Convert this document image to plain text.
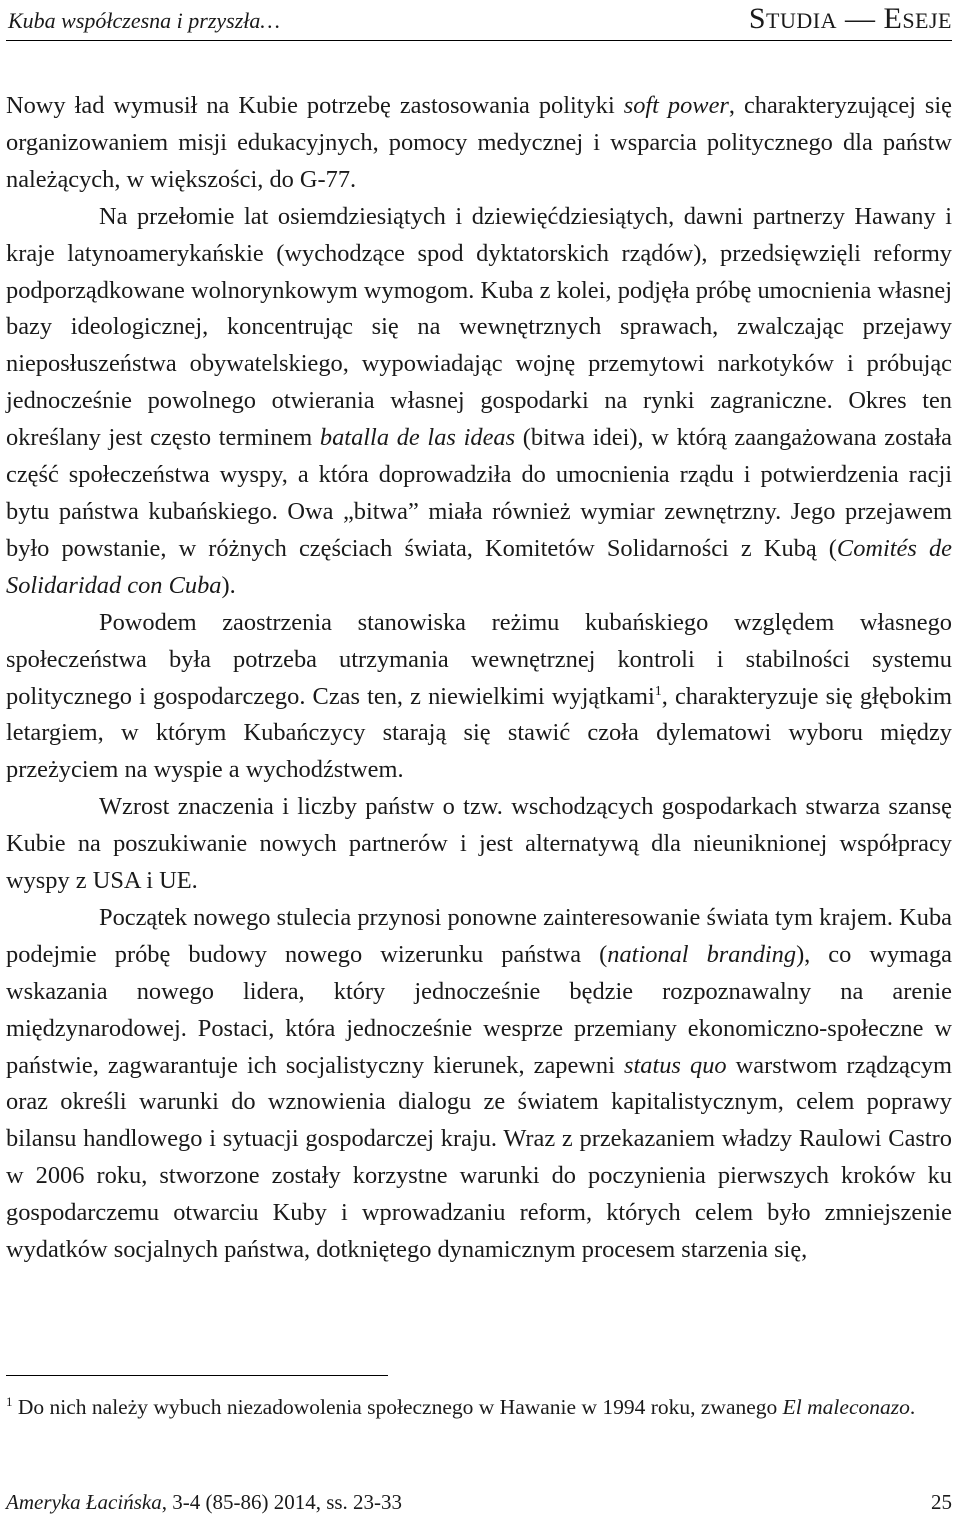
Kuba współczesna i przyszła…	STUDIA — ESEJE

Nowy ład wymusił na Kubie potrzebę zastosowania polityki soft power, charakteryzującej się organizowaniem misji edukacyjnych, pomocy medycznej i wsparcia politycznego dla państw należących, w większości, do G-77.

Na przełomie lat osiemdziesiątych i dziewięćdziesiątych, dawni partnerzy Hawany i kraje latynoamerykańskie (wychodzące spod dyktatorskich rządów), przedsięwzięli reformy podporządkowane wolnorynkowym wymogom. Kuba z kolei, podjęła próbę umocnienia własnej bazy ideologicznej, koncentrując się na wewnętrznych sprawach, zwalczając przejawy nieposłuszeństwa obywatelskiego, wypowiadając wojnę przemytowi narkotyków i próbując jednocześnie powolnego otwierania własnej gospodarki na rynki zagraniczne. Okres ten określany jest często terminem batalla de las ideas (bitwa idei), w którą zaangażowana została część społeczeństwa wyspy, a która doprowadziła do umocnienia rządu i potwierdzenia racji bytu państwa kubańskiego. Owa „bitwa” miała również wymiar zewnętrzny. Jego przejawem było powstanie, w różnych częściach świata, Komitetów Solidarności z Kubą (Comités de Solidaridad con Cuba).

Powodem zaostrzenia stanowiska reżimu kubańskiego względem własnego społeczeństwa była potrzeba utrzymania wewnętrznej kontroli i stabilności systemu politycznego i gospodarczego. Czas ten, z niewielkimi wyjątkami$^1$, charakteryzuje się głębokim letargiem, w którym Kubańczycy starają się stawić czoła dylematowi wyboru między przeżyciem na wyspie a wychodźstwem.

Wzrost znaczenia i liczby państw o tzw. wschodzących gospodarkach stwarza szansę Kubie na poszukiwanie nowych partnerów i jest alternatywą dla nieuniknionej współpracy wyspy z USA i UE.

Początek nowego stulecia przynosi ponowne zainteresowanie świata tym krajem. Kuba podejmie próbę budowy nowego wizerunku państwa (national branding), co wymaga wskazania nowego lidera, który jednocześnie będzie rozpoznawalny na arenie międzynarodowej. Postaci, która jednocześnie wesprze przemiany ekonomiczno-społeczne w państwie, zagwarantuje ich socjalistyczny kierunek, zapewni status quo warstwom rządzącym oraz określi warunki do wznowienia dialogu ze światem kapitalistycznym, celem poprawy bilansu handlowego i sytuacji gospodarczej kraju. Wraz z przekazaniem władzy Raulowi Castro w 2006 roku, stworzone zostały korzystne warunki do poczynienia pierwszych kroków ku gospodarczemu otwarciu Kuby i wprowadzaniu reform, których celem było zmniejszenie wydatków socjalnych państwa, dotkniętego dynamicznym procesem starzenia się,

$^1$ Do nich należy wybuch niezadowolenia społecznego w Hawanie w 1994 roku, zwanego El maleconazo.
Ameryka Łacińska, 3-4 (85-86) 2014, ss. 23-33	25
